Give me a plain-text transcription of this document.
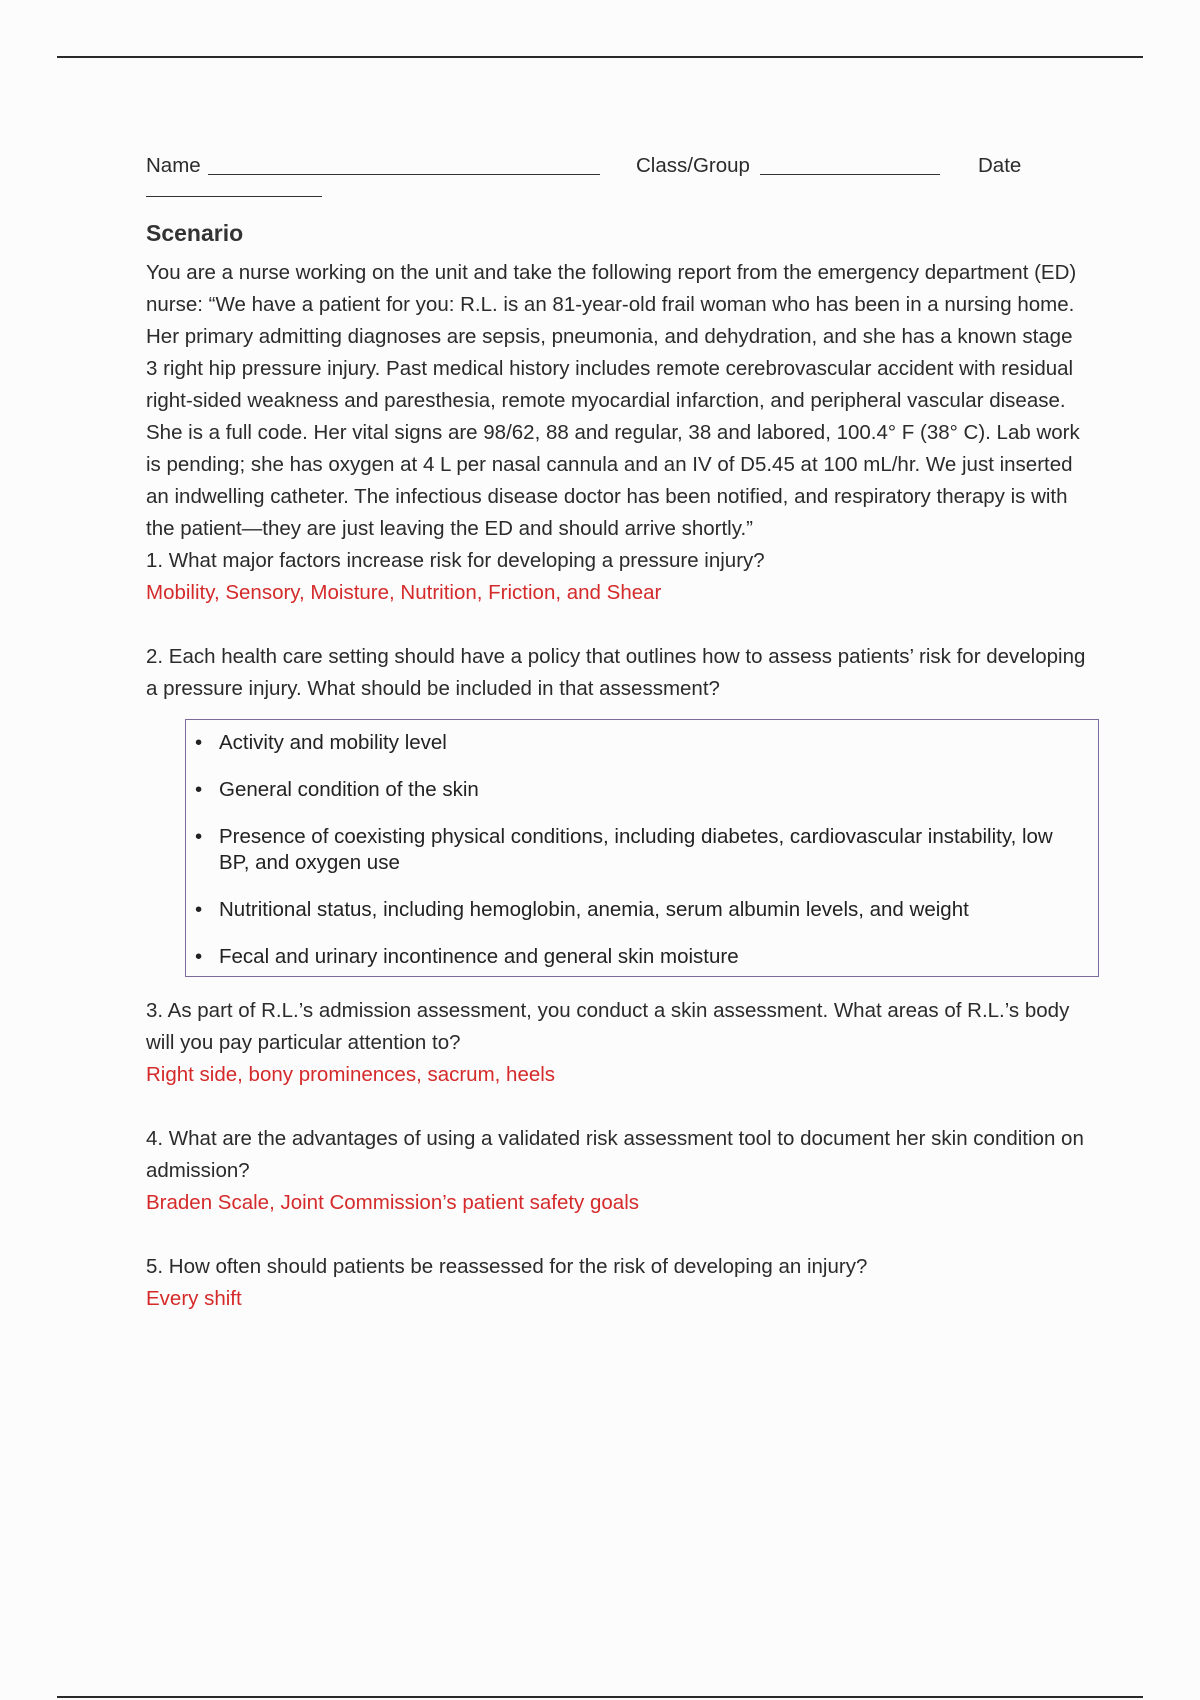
Name	Class/Group	Date
Scenario

You are a nurse working on the unit and take the following report from the emergency department (ED) nurse: “We have a patient for you: R.L. is an 81-year-old frail woman who has been in a nursing home. Her primary admitting diagnoses are sepsis, pneumonia, and dehydration, and she has a known stage 3 right hip pressure injury. Past medical history includes remote cerebrovascular accident with residual right-sided weakness and paresthesia, remote myocardial infarction, and peripheral vascular disease. She is a full code. Her vital signs are 98/62, 88 and regular, 38 and labored, 100.4° F (38° C). Lab work is pending; she has oxygen at 4 L per nasal cannula and an IV of D5.45 at 100 mL/hr. We just inserted an indwelling catheter. The infectious disease doctor has been notified, and respiratory therapy is with the patient—they are just leaving the ED and should arrive shortly.”

1. What major factors increase risk for developing a pressure injury?

Mobility, Sensory, Moisture, Nutrition, Friction, and Shear

2. Each health care setting should have a policy that outlines how to assess patients’ risk for developing a pressure injury. What should be included in that assessment?

• Activity and mobility level
• General condition of the skin
• Presence of coexisting physical conditions, including diabetes, cardiovascular instability, low BP, and oxygen use
• Nutritional status, including hemoglobin, anemia, serum albumin levels, and weight
• Fecal and urinary incontinence and general skin moisture

3. As part of R.L.’s admission assessment, you conduct a skin assessment. What areas of R.L.’s body will you pay particular attention to?

Right side, bony prominences, sacrum, heels

4. What are the advantages of using a validated risk assessment tool to document her skin condition on admission?

Braden Scale, Joint Commission’s patient safety goals

5. How often should patients be reassessed for the risk of developing an injury?

Every shift
